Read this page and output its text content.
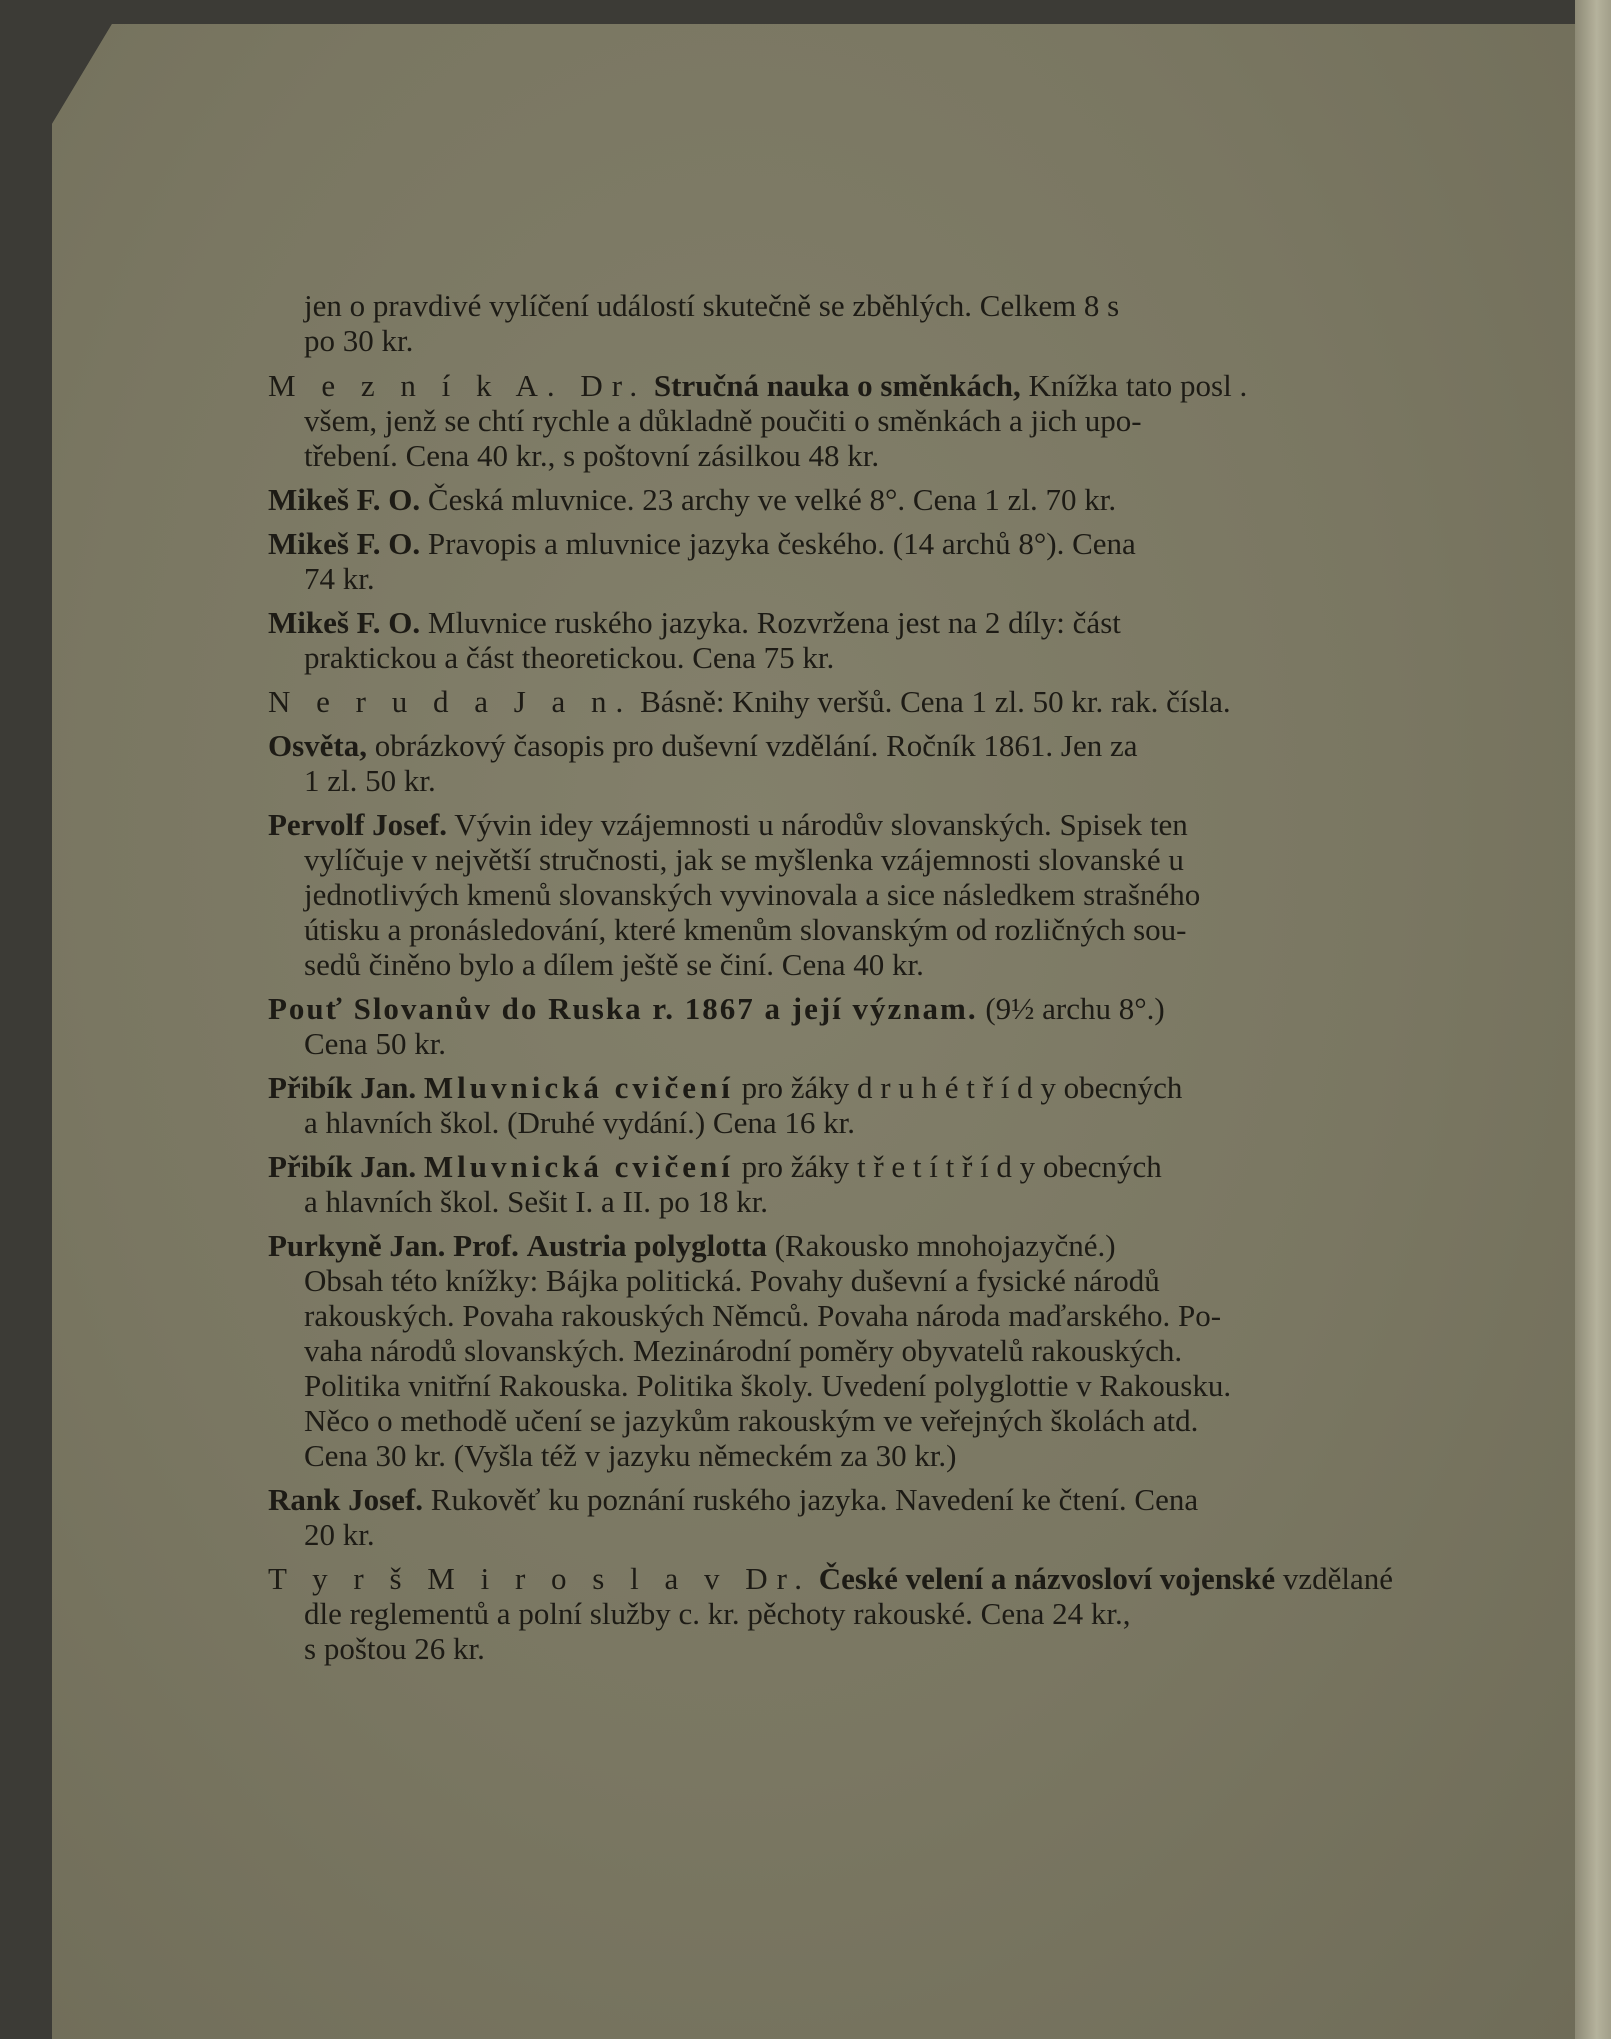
jen o pravdivé vylíčení událostí skutečně se zběhlých. Celkem 8 s
po 30 kr.
M e z n í k A. Dr. Stručná nauka o směnkách, Knížka tato posl .
všem, jenž se chtí rychle a důkladně poučiti o směnkách a jich upo-
třebení. Cena 40 kr., s poštovní zásilkou 48 kr.
Mikeš F. O. Česká mluvnice. 23 archy ve velké 8°. Cena 1 zl. 70 kr.
Mikeš F. O. Pravopis a mluvnice jazyka českého. (14 archů 8°). Cena
74 kr.
Mikeš F. O. Mluvnice ruského jazyka. Rozvržena jest na 2 díly: část
praktickou a část theoretickou. Cena 75 kr.
N e r u d a J a n. Básně: Knihy veršů. Cena 1 zl. 50 kr. rak. čísla.
Osvěta, obrázkový časopis pro duševní vzdělání. Ročník 1861. Jen za
1 zl. 50 kr.
Pervolf Josef. Vývin idey vzájemnosti u národův slovanských. Spisek ten
vylíčuje v největší stručnosti, jak se myšlenka vzájemnosti slovanské u
jednotlivých kmenů slovanských vyvinovala a sice následkem strašného
útisku a pronásledování, které kmenům slovanským od rozličných sou-
sedů činěno bylo a dílem ještě se činí. Cena 40 kr.
Pouť Slovanův do Ruska r. 1867 a její význam. (9½ archu 8°.)
Cena 50 kr.
Přibík Jan. Mluvnická cvičení pro žáky d r u h é t ř í d y obecných
a hlavních škol. (Druhé vydání.) Cena 16 kr.
Přibík Jan. Mluvnická cvičení pro žáky t ř e t í t ř í d y obecných
a hlavních škol. Sešit I. a II. po 18 kr.
Purkyně Jan. Prof. Austria polyglotta (Rakousko mnohojazyčné.)
Obsah této knížky: Bájka politická. Povahy duševní a fysické národů
rakouských. Povaha rakouských Němců. Povaha národa maďarského. Po-
vaha národů slovanských. Mezinárodní poměry obyvatelů rakouských.
Politika vnitřní Rakouska. Politika školy. Uvedení polyglottie v Rakousku.
Něco o methodě učení se jazykům rakouským ve veřejných školách atd.
Cena 30 kr. (Vyšla též v jazyku německém za 30 kr.)
Rank Josef. Rukověť ku poznání ruského jazyka. Navedení ke čtení. Cena
20 kr.
T y r š M i r o s l a v Dr. České velení a názvosloví vojenské vzdělané
dle reglementů a polní služby c. kr. pěchoty rakouské. Cena 24 kr.,
s poštou 26 kr.
